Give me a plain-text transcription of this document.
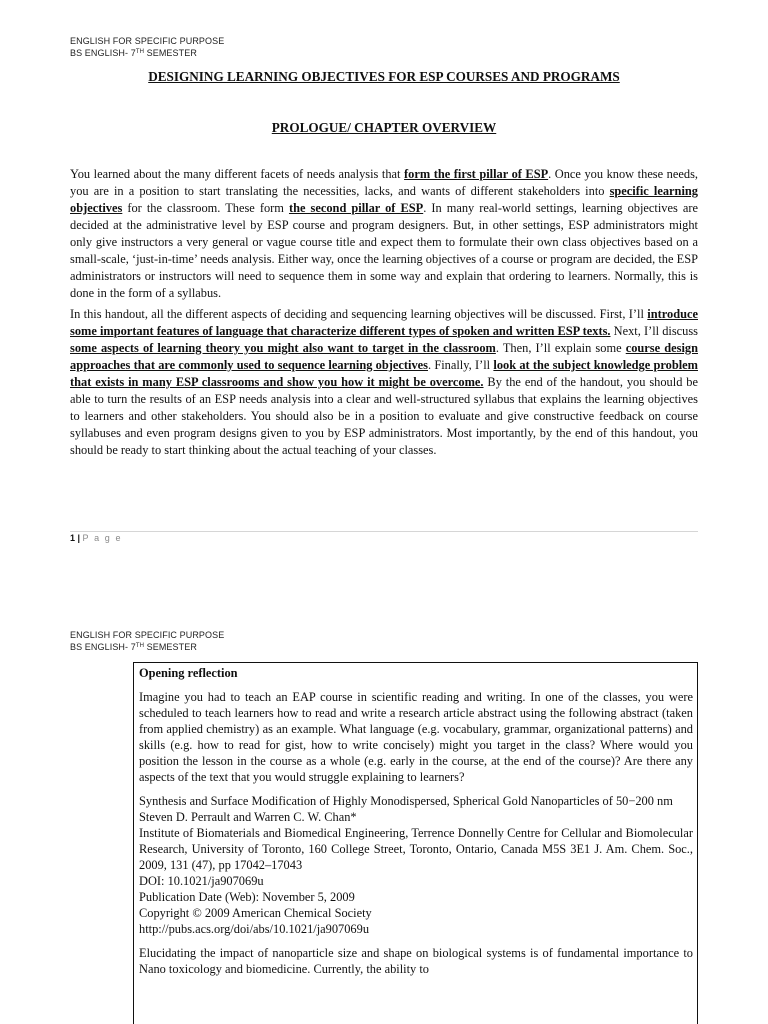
ENGLISH FOR SPECIFIC PURPOSE
BS ENGLISH- 7TH SEMESTER
DESIGNING LEARNING OBJECTIVES FOR ESP COURSES AND PROGRAMS
PROLOGUE/ CHAPTER OVERVIEW

You learned about the many different facets of needs analysis that form the first pillar of ESP. Once you know these needs, you are in a position to start translating the necessities, lacks, and wants of different stakeholders into specific learning objectives for the classroom. These form the second pillar of ESP. In many real-world settings, learning objectives are decided at the administrative level by ESP course and program designers. But, in other settings, ESP administrators might only give instructors a very general or vague course title and expect them to formulate their own class objectives based on a small-scale, ‘just-in-time’ needs analysis. Either way, once the learning objectives of a course or program are decided, the ESP administrators or instructors will need to sequence them in some way and explain that ordering to learners. Normally, this is done in the form of a syllabus.

In this handout, all the different aspects of deciding and sequencing learning objectives will be discussed. First, I’ll introduce some important features of language that characterize different types of spoken and written ESP texts. Next, I’ll discuss some aspects of learning theory you might also want to target in the classroom. Then, I’ll explain some course design approaches that are commonly used to sequence learning objectives. Finally, I’ll look at the subject knowledge problem that exists in many ESP classrooms and show you how it might be overcome. By the end of the handout, you should be able to turn the results of an ESP needs analysis into a clear and well-structured syllabus that explains the learning objectives to learners and other stakeholders. You should also be in a position to evaluate and give constructive feedback on course syllabuses and even program designs given to you by ESP administrators. Most importantly, by the end of this handout, you should be ready to start thinking about the actual teaching of your classes.

1 | P a g e
ENGLISH FOR SPECIFIC PURPOSE
BS ENGLISH- 7TH SEMESTER

Opening reflection

Imagine you had to teach an EAP course in scientific reading and writing. In one of the classes, you were scheduled to teach learners how to read and write a research article abstract using the following abstract (taken from applied chemistry) as an example. What language (e.g. vocabulary, grammar, organizational patterns) and skills (e.g. how to read for gist, how to write concisely) might you target in the class? Where would you position the lesson in the course as a whole (e.g. early in the course, at the end of the course)? Are there any aspects of the text that you would struggle explaining to learners?

Synthesis and Surface Modification of Highly Monodispersed, Spherical Gold Nanoparticles of 50−200 nm
Steven D. Perrault and Warren C. W. Chan*
Institute of Biomaterials and Biomedical Engineering, Terrence Donnelly Centre for Cellular and Biomolecular Research, University of Toronto, 160 College Street, Toronto, Ontario, Canada M5S 3E1 J. Am. Chem. Soc., 2009, 131 (47), pp 17042–17043
DOI: 10.1021/ja907069u
Publication Date (Web): November 5, 2009
Copyright © 2009 American Chemical Society
http://pubs.acs.org/doi/abs/10.1021/ja907069u

Elucidating the impact of nanoparticle size and shape on biological systems is of fundamental importance to Nano toxicology and biomedicine. Currently, the ability to
